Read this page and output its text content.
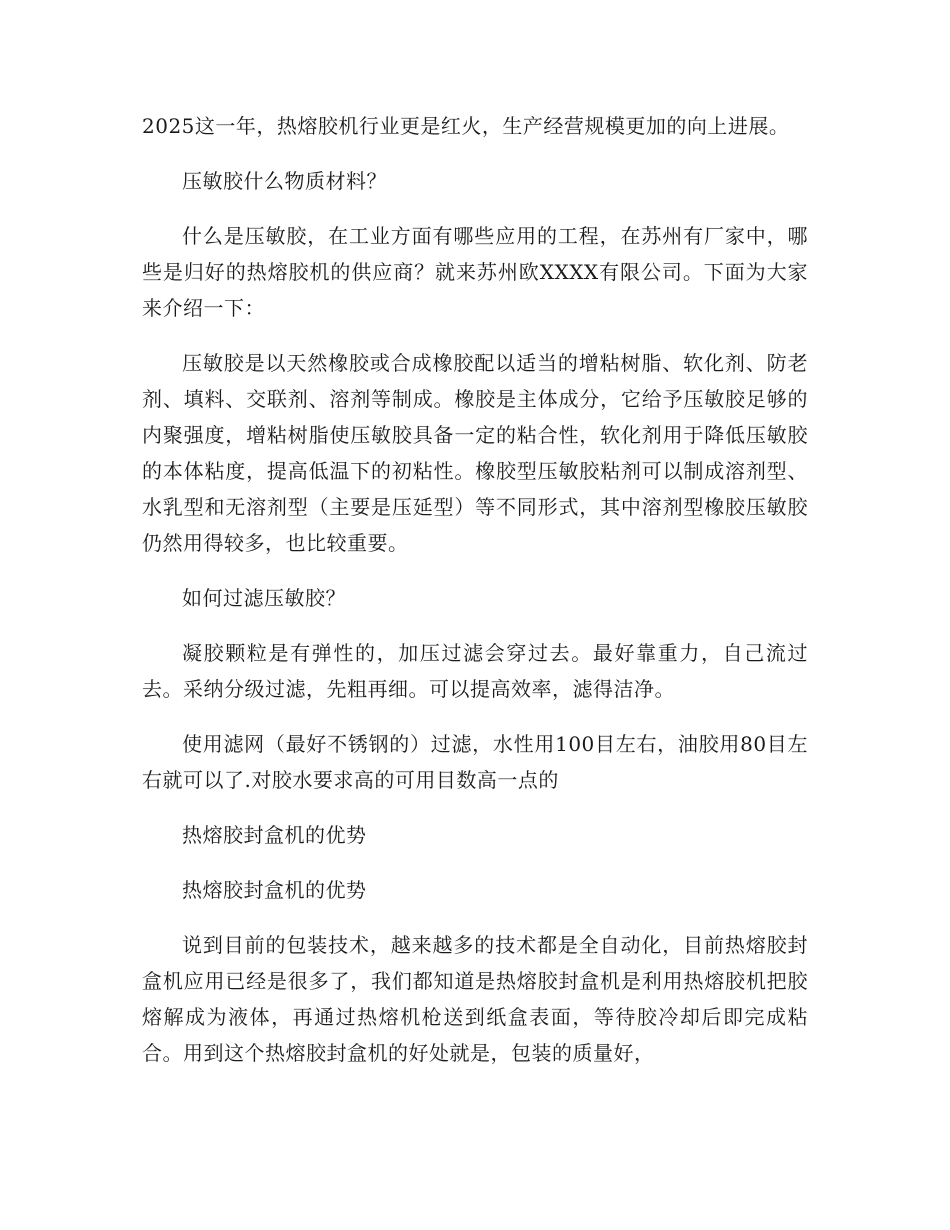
2025这一年，热熔胶机行业更是红火，生产经营规模更加的向上进展。

压敏胶什么物质材料？

什么是压敏胶，在工业方面有哪些应用的工程，在苏州有厂家中，哪些是归好的热熔胶机的供应商？就来苏州欧XXXX有限公司。下面为大家来介绍一下：

压敏胶是以天然橡胶或合成橡胶配以适当的增粘树脂、软化剂、防老剂、填料、交联剂、溶剂等制成。橡胶是主体成分，它给予压敏胶足够的内聚强度，增粘树脂使压敏胶具备一定的粘合性，软化剂用于降低压敏胶的本体粘度，提高低温下的初粘性。橡胶型压敏胶粘剂可以制成溶剂型、水乳型和无溶剂型（主要是压延型）等不同形式，其中溶剂型橡胶压敏胶仍然用得较多，也比较重要。

如何过滤压敏胶？

凝胶颗粒是有弹性的，加压过滤会穿过去。最好靠重力，自己流过去。采纳分级过滤，先粗再细。可以提高效率，滤得洁净。

使用滤网（最好不锈钢的）过滤，水性用100目左右，油胶用80目左右就可以了.对胶水要求高的可用目数高一点的

热熔胶封盒机的优势

热熔胶封盒机的优势

说到目前的包装技术，越来越多的技术都是全自动化，目前热熔胶封盒机应用已经是很多了，我们都知道是热熔胶封盒机是利用热熔胶机把胶熔解成为液体，再通过热熔机枪送到纸盒表面，等待胶冷却后即完成粘合。用到这个热熔胶封盒机的好处就是，包装的质量好，
